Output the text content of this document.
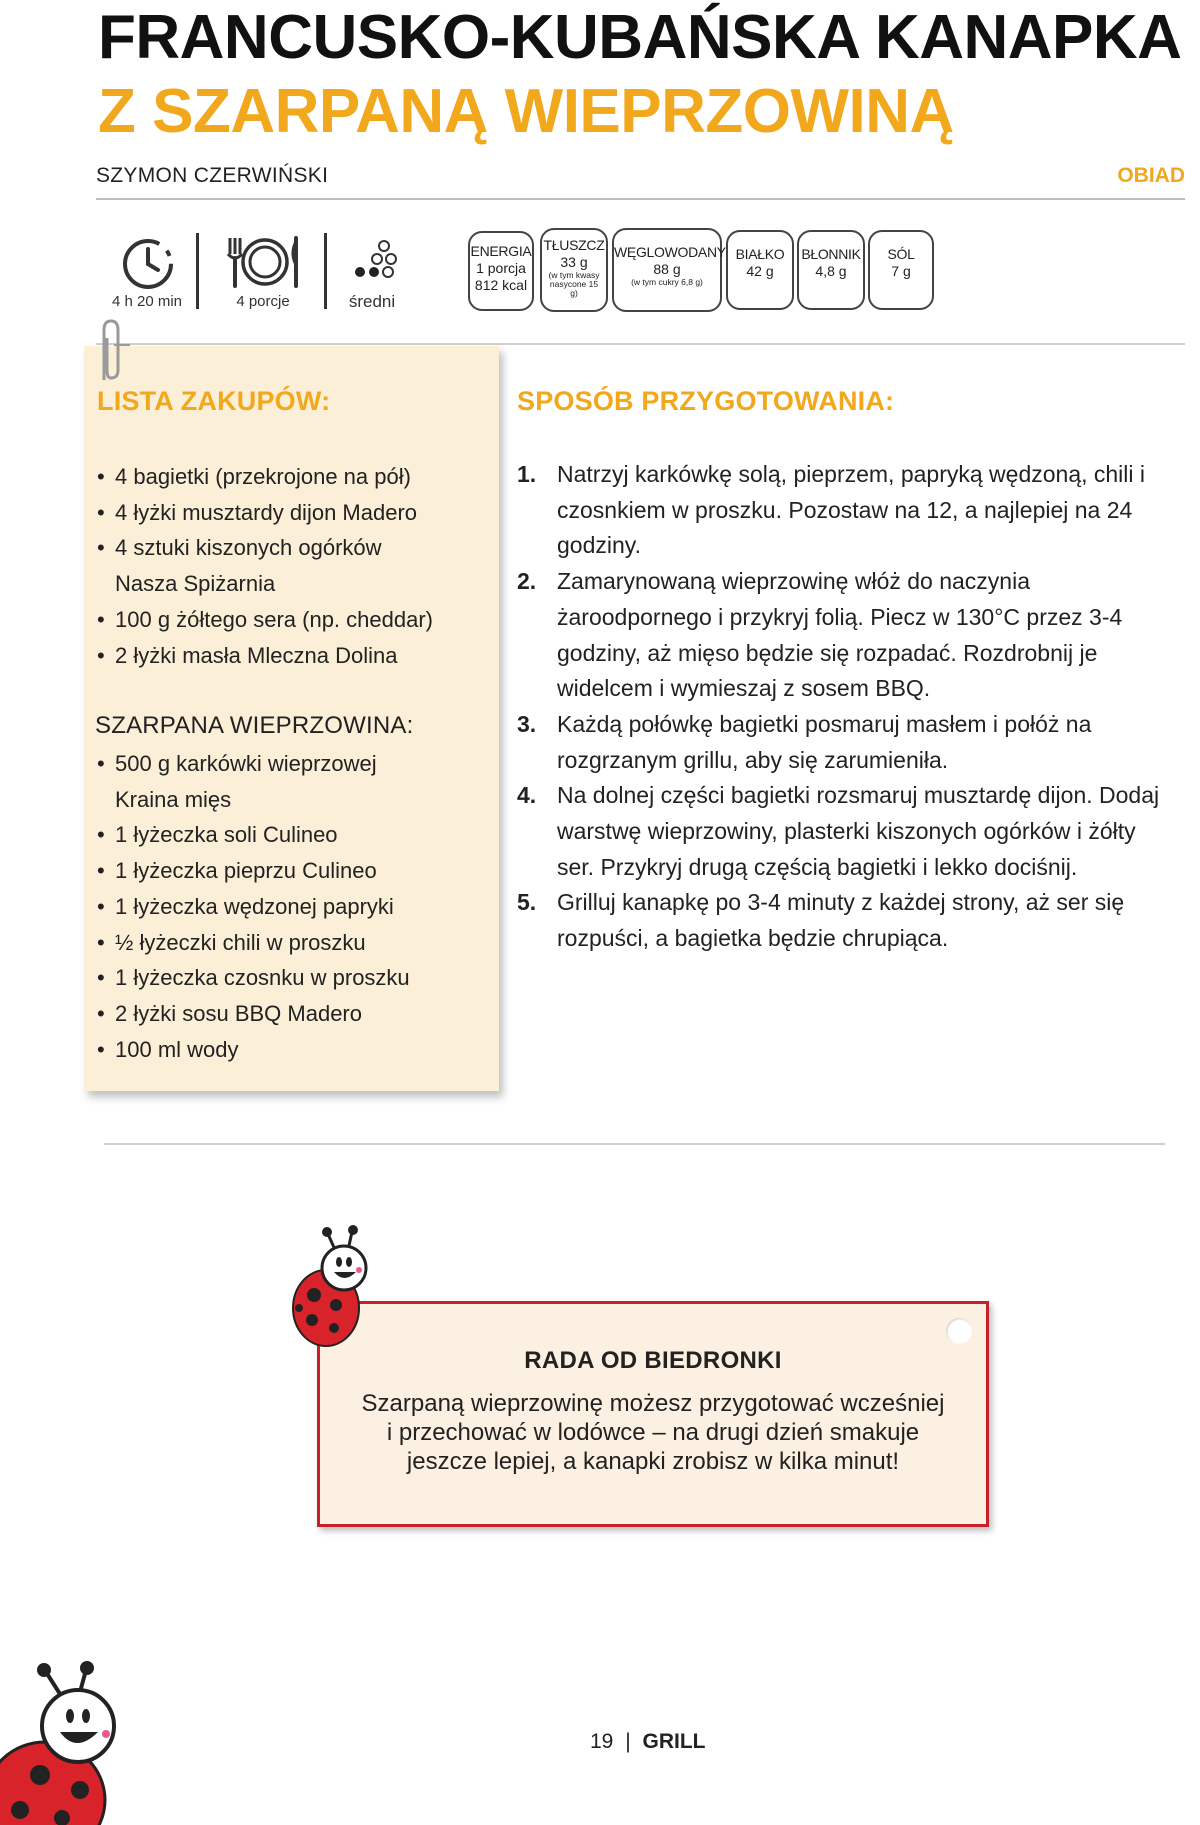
FRANCUSKO-KUBAŃSKA KANAPKA
Z SZARPANĄ WIEPRZOWINĄ
SZYMON CZERWIŃSKI	OBIAD
4 h 20 min	4 porcje	średni
ENERGIA
1 porcja
812 kcal
TŁUSZCZ
33 g
(w tym kwasy nasycone 15 g)
WĘGLOWODANY
88 g
(w tym cukry 6,8 g)
BIAŁKO
42 g
BŁONNIK
4,8 g
SÓL
7 g
LISTA ZAKUPÓW:
• 4 bagietki (przekrojone na pół)
• 4 łyżki musztardy dijon Madero
• 4 sztuki kiszonych ogórków
Nasza Spiżarnia
• 100 g żółtego sera (np. cheddar)
• 2 łyżki masła Mleczna Dolina
SZARPANA WIEPRZOWINA:
• 500 g karkówki wieprzowej
Kraina mięs
• 1 łyżeczka soli Culineo
• 1 łyżeczka pieprzu Culineo
• 1 łyżeczka wędzonej papryki
• ½ łyżeczki chili w proszku
• 1 łyżeczka czosnku w proszku
• 2 łyżki sosu BBQ Madero
• 100 ml wody
SPOSÓB PRZYGOTOWANIA:
1. Natrzyj karkówkę solą, pieprzem, papryką wędzoną, chili i czosnkiem w proszku. Pozostaw na 12, a najlepiej na 24 godziny.
2. Zamarynowaną wieprzowinę włóż do naczynia żaroodpornego i przykryj folią. Piecz w 130°C przez 3-4 godziny, aż mięso będzie się rozpadać. Rozdrobnij je widelcem i wymieszaj z sosem BBQ.
3. Każdą połówkę bagietki posmaruj masłem i połóż na rozgrzanym grillu, aby się zarumieniła.
4. Na dolnej części bagietki rozsmaruj musztardę dijon. Dodaj warstwę wieprzowiny, plasterki kiszonych ogórków i żółty ser. Przykryj drugą częścią bagietki i lekko dociśnij.
5. Grilluj kanapkę po 3-4 minuty z każdej strony, aż ser się rozpuści, a bagietka będzie chrupiąca.
RADA OD BIEDRONKI
Szarpaną wieprzowinę możesz przygotować wcześniej
i przechować w lodówce – na drugi dzień smakuje
jeszcze lepiej, a kanapki zrobisz w kilka minut!
19 | GRILL
